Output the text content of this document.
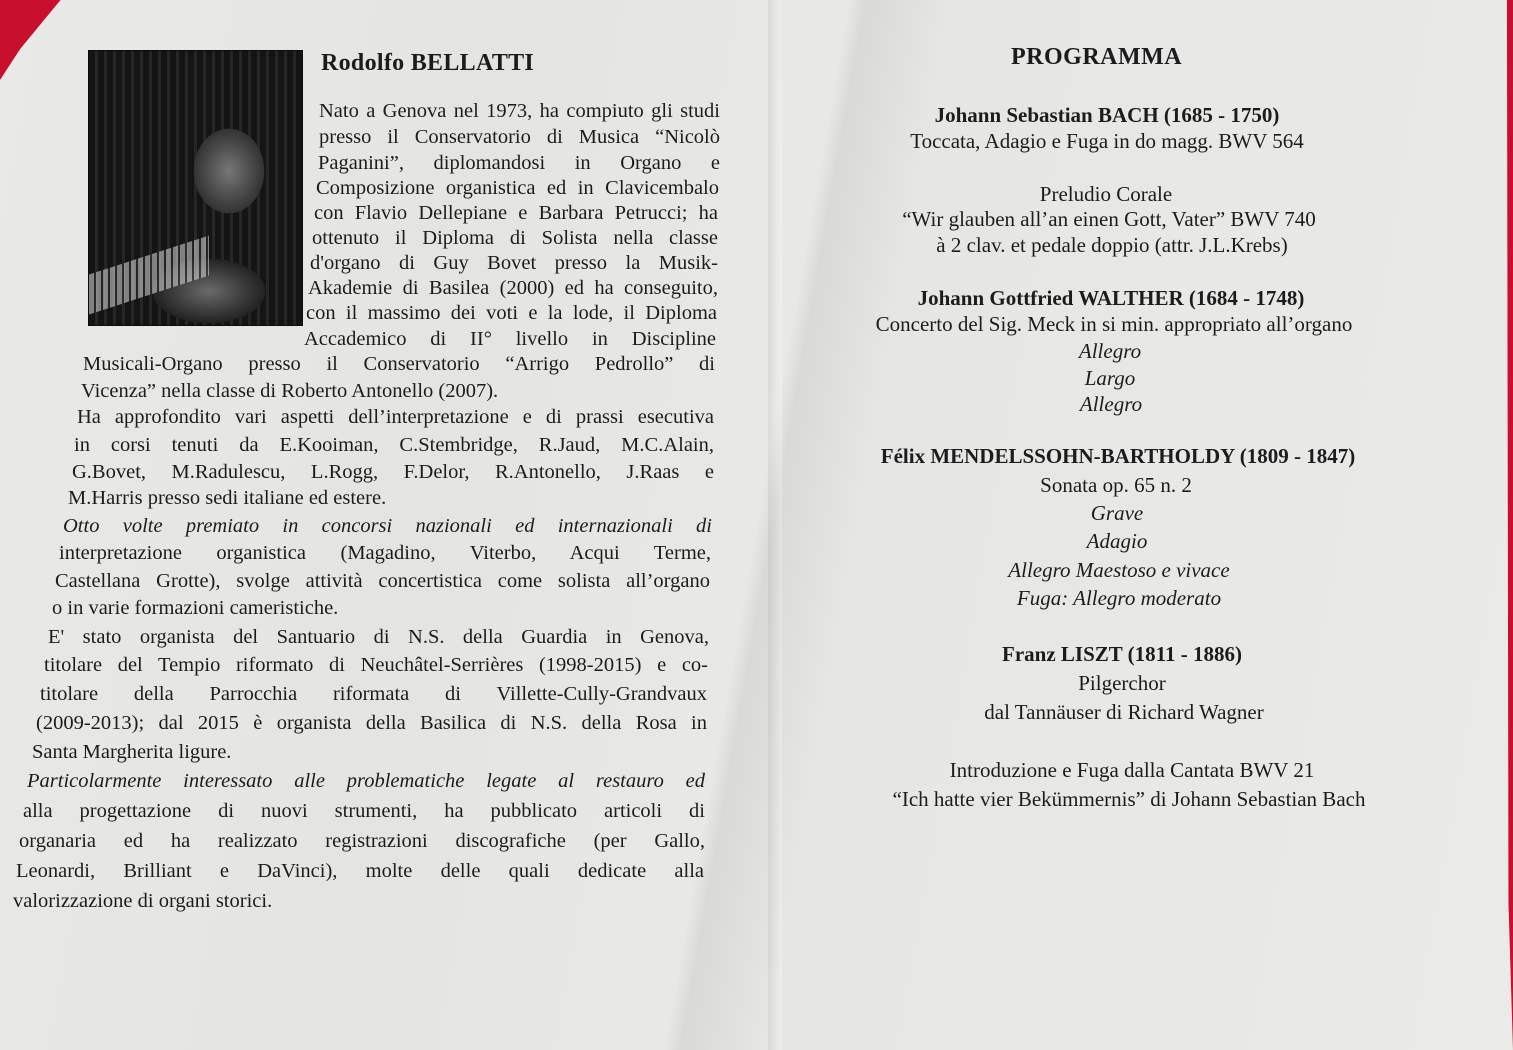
Rodolfo BELLATTI

Nato a Genova nel 1973, ha compiuto gli studi

presso il Conservatorio di Musica “Nicolò

Paganini”, diplomandosi in Organo e

Composizione organistica ed in Clavicembalo

con Flavio Dellepiane e Barbara Petrucci; ha

ottenuto il Diploma di Solista nella classe

d'organo di Guy Bovet presso la Musik-

Akademie di Basilea (2000) ed ha conseguito,

con il massimo dei voti e la lode, il Diploma

Accademico di II° livello in Discipline

Musicali-Organo presso il Conservatorio “Arrigo Pedrollo” di

Vicenza” nella classe di Roberto Antonello (2007).

Ha approfondito vari aspetti dell’interpretazione e di prassi esecutiva

in corsi tenuti da E.Kooiman, C.Stembridge, R.Jaud, M.C.Alain,

G.Bovet, M.Radulescu, L.Rogg, F.Delor, R.Antonello, J.Raas e

M.Harris presso sedi italiane ed estere.

Otto volte premiato in concorsi nazionali ed internazionali di

interpretazione organistica (Magadino, Viterbo, Acqui Terme,

Castellana Grotte), svolge attività concertistica come solista all’organo

o in varie formazioni cameristiche.

E' stato organista del Santuario di N.S. della Guardia in Genova,

titolare del Tempio riformato di Neuchâtel-Serrières (1998-2015) e co-

titolare della Parrocchia riformata di Villette-Cully-Grandvaux

(2009-2013); dal 2015 è organista della Basilica di N.S. della Rosa in

Santa Margherita ligure.

Particolarmente interessato alle problematiche legate al restauro ed

alla progettazione di nuovi strumenti, ha pubblicato articoli di

organaria ed ha realizzato registrazioni discografiche (per Gallo,

Leonardi, Brilliant e DaVinci), molte delle quali dedicate alla

valorizzazione di organi storici.

PROGRAMMA
Johann Sebastian BACH (1685 - 1750)
Toccata, Adagio e Fuga in do magg. BWV 564
Preludio Corale
“Wir glauben all’an einen Gott, Vater” BWV 740
à 2 clav. et pedale doppio (attr. J.L.Krebs)
Johann Gottfried WALTHER (1684 - 1748)
Concerto del Sig. Meck in si min. appropriato all’organo
Allegro
Largo
Allegro
Félix MENDELSSOHN-BARTHOLDY (1809 - 1847)
Sonata op. 65 n. 2
Grave
Adagio
Allegro Maestoso e vivace
Fuga: Allegro moderato
Franz LISZT (1811 - 1886)
Pilgerchor
dal Tannäuser di Richard Wagner
Introduzione e Fuga dalla Cantata BWV 21
“Ich hatte vier Bekümmernis” di Johann Sebastian Bach
